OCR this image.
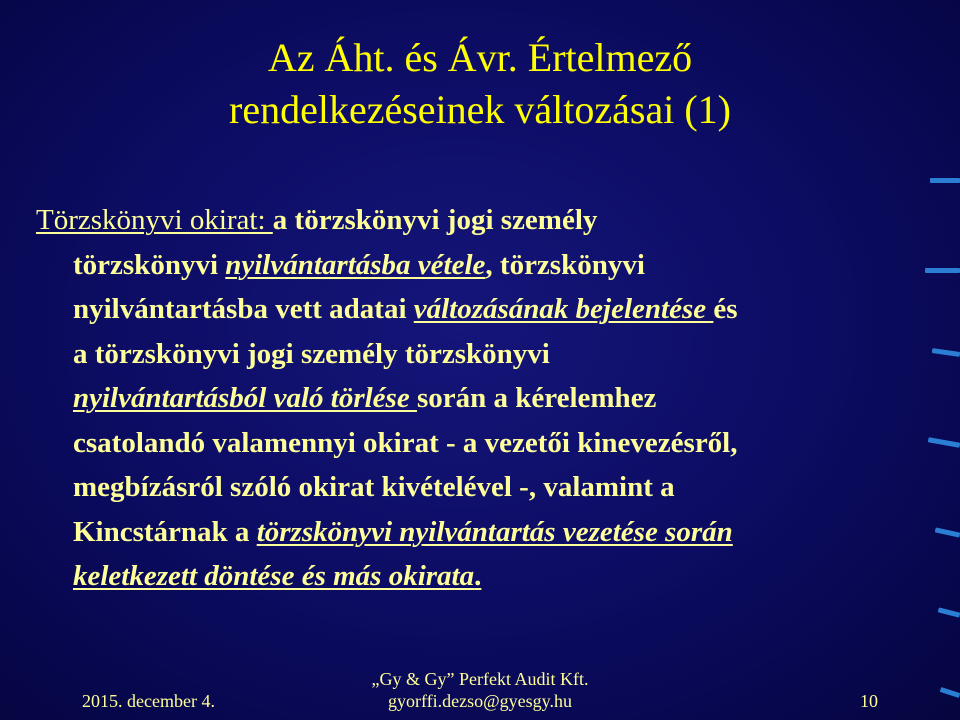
Az Áht. és Ávr. Értelmező
rendelkezéseinek változásai (1)
Törzskönyvi okirat: a törzskönyvi jogi személy
törzskönyvi nyilvántartásba vétele, törzskönyvi
nyilvántartásba vett adatai változásának bejelentése és
a törzskönyvi jogi személy törzskönyvi
nyilvántartásból való törlése során a kérelemhez
csatolandó valamennyi okirat - a vezetői kinevezésről,
megbízásról szóló okirat kivételével -, valamint a
Kincstárnak a törzskönyvi nyilvántartás vezetése során
keletkezett döntése és más okirata.
2015. december 4.
„Gy & Gy” Perfekt Audit Kft.
gyorffi.dezso@gyesgy.hu	10
